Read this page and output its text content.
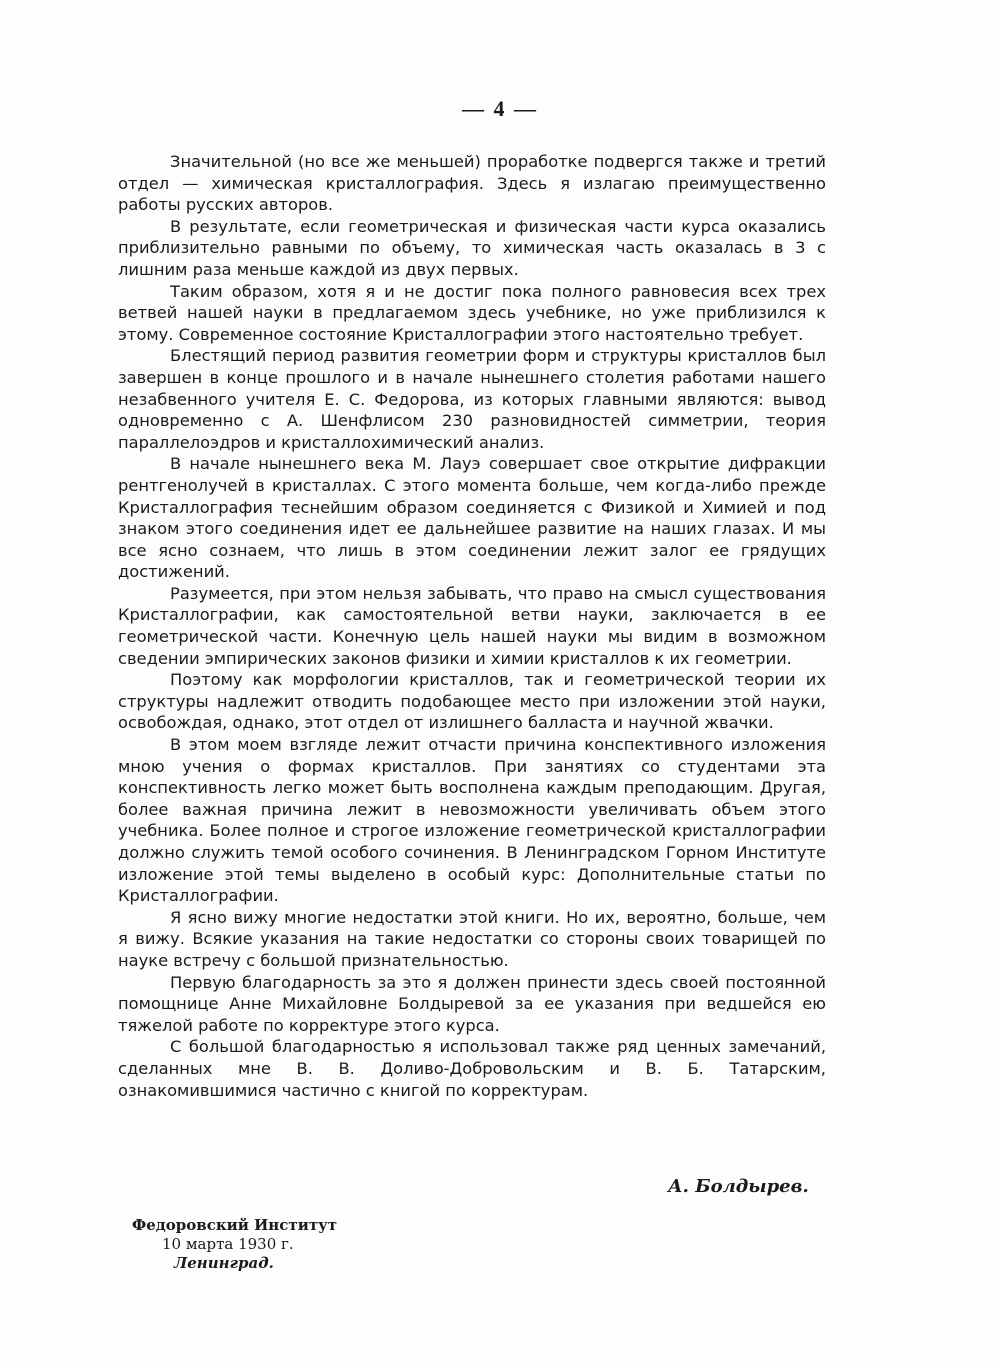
— 4 —

Значительной (но все же меньшей) проработке подвергся также и третий отдел — химическая кристаллография. Здесь я излагаю преимущественно работы русских авторов.

В результате, если геометрическая и физическая части курса оказались приблизительно равными по объему, то химическая часть оказалась в 3 с лишним раза меньше каждой из двух первых.

Таким образом, хотя я и не достиг пока полного равновесия всех трех ветвей нашей науки в предлагаемом здесь учебнике, но уже приблизился к этому. Современное состояние Кристаллографии этого настоятельно требует.

Блестящий период развития геометрии форм и структуры кристаллов был завершен в конце прошлого и в начале нынешнего столетия работами нашего незабвенного учителя Е. С. Федорова, из которых главными являются: вывод одновременно с А. Шенфлисом 230 разновидностей симметрии, теория параллелоэдров и кристаллохимический анализ.

В начале нынешнего века М. Лауэ совершает свое открытие дифракции рентгенолучей в кристаллах. С этого момента больше, чем когда-либо прежде Кристаллография теснейшим образом соединяется с Физикой и Химией и под знаком этого соединения идет ее дальнейшее развитие на наших глазах. И мы все ясно сознаем, что лишь в этом соединении лежит залог ее грядущих достижений.

Разумеется, при этом нельзя забывать, что право на смысл существования Кристаллографии, как самостоятельной ветви науки, заключается в ее геометрической части. Конечную цель нашей науки мы видим в возможном сведении эмпирических законов физики и химии кристаллов к их геометрии.

Поэтому как морфологии кристаллов, так и геометрической теории их структуры надлежит отводить подобающее место при изложении этой науки, освобождая, однако, этот отдел от излишнего балласта и научной жвачки.

В этом моем взгляде лежит отчасти причина конспективного изложения мною учения о формах кристаллов. При занятиях со студентами эта конспективность легко может быть восполнена каждым преподающим. Другая, более важная причина лежит в невозможности увеличивать объем этого учебника. Более полное и строгое изложение геометрической кристаллографии должно служить темой особого сочинения. В Ленинградском Горном Институте изложение этой темы выделено в особый курс: Дополнительные статьи по Кристаллографии.

Я ясно вижу многие недостатки этой книги. Но их, вероятно, больше, чем я вижу. Всякие указания на такие недостатки со стороны своих товарищей по науке встречу с большой признательностью.

Первую благодарность за это я должен принести здесь своей постоянной помощнице Анне Михайловне Болдыревой за ее указания при ведшейся ею тяжелой работе по корректуре этого курса.

С большой благодарностью я использовал также ряд ценных замечаний, сделанных мне В. В. Доливо-Добровольским и В. Б. Татарским, ознакомившимися частично с книгой по корректурам.

А. Болдырев.
Федоровский Институт
10 марта 1930 г.
Ленинград.
